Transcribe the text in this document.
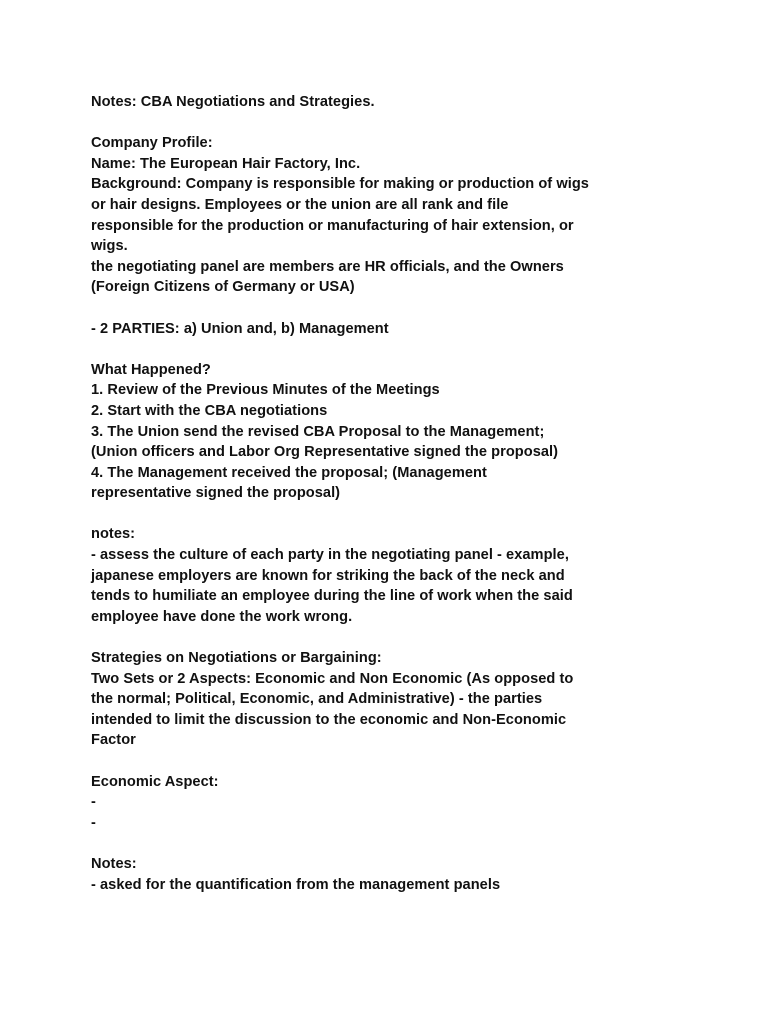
Notes: CBA Negotiations and Strategies.
Company Profile:
Name: The European Hair Factory, Inc.
Background: Company is responsible for making or production of wigs
or hair designs. Employees or the union are all rank and file
responsible for the production or manufacturing of hair extension, or
wigs.
the negotiating panel are members are HR officials, and the Owners
(Foreign Citizens of Germany or USA)
- 2 PARTIES: a) Union and, b) Management
What Happened?
1. Review of the Previous Minutes of the Meetings
2. Start with the CBA negotiations
3. The Union send the revised CBA Proposal to the Management;
(Union officers and Labor Org Representative signed the proposal)
4. The Management received the proposal; (Management
representative signed the proposal)
notes:
- assess the culture of each party in the negotiating panel - example,
japanese employers are known for striking the back of the neck and
tends to humiliate an employee during the line of work when the said
employee have done the work wrong.
Strategies on Negotiations or Bargaining:
Two Sets or 2 Aspects: Economic and Non Economic (As opposed to
the normal; Political, Economic, and Administrative) - the parties
intended to limit the discussion to the economic and Non-Economic
Factor
Economic Aspect:
-
-
Notes:
- asked for the quantification from the management panels
